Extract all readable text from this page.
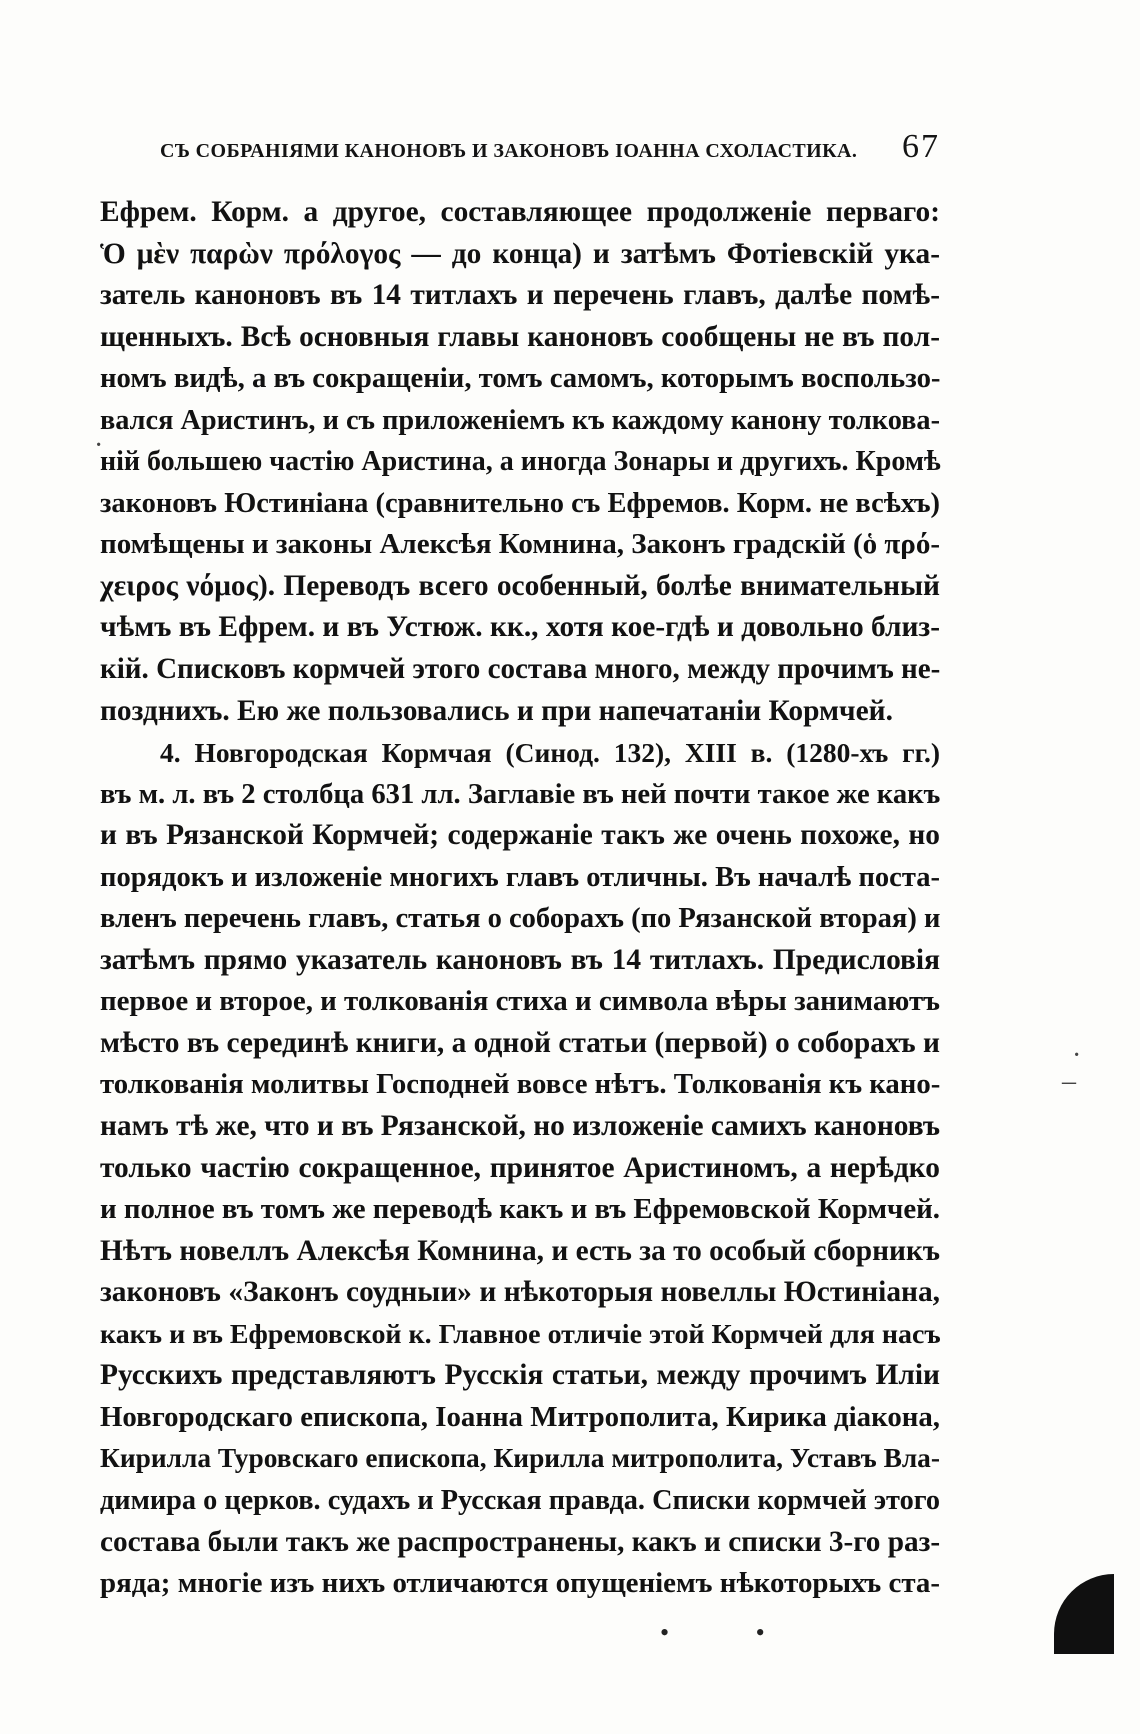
СЪ СОБРАНІЯМИ КАНОНОВЪ И ЗАКОНОВЪ ІОАННА СХОЛАСТИКА. 67
Ефрем. Корм. а другое, составляющее продолженіе перваго:
Ὁ μὲν παρὼν πρόλογος — до конца) и затѣмъ Фотіевскій ука-
затель каноновъ въ 14 титлахъ и перечень главъ, далѣе помѣ-
щенныхъ. Всѣ основныя главы каноновъ сообщены не въ пол-
номъ видѣ, а въ сокращеніи, томъ самомъ, которымъ воспользо-
вался Аристинъ, и съ приложеніемъ къ каждому канону толкова-
ній большею частію Аристина, а иногда Зонары и другихъ. Кромѣ
законовъ Юстиніана (сравнительно съ Ефремов. Корм. не всѣхъ)
помѣщены и законы Алексѣя Комнина, Законъ градскій (ὁ πρό-
χειρος νόμος). Переводъ всего особенный, болѣе внимательный
чѣмъ въ Ефрем. и въ Устюж. кк., хотя кое-гдѣ и довольно близ-
кій. Списковъ кормчей этого состава много, между прочимъ не-
позднихъ. Ею же пользовались и при напечатаніи Кормчей.
4. Новгородская Кормчая (Синод. 132), XIII в. (1280-хъ гг.)
въ м. л. въ 2 столбца 631 лл. Заглавіе въ ней почти такое же какъ
и въ Рязанской Кормчей; содержаніе такъ же очень похоже, но
порядокъ и изложеніе многихъ главъ отличны. Въ началѣ поста-
вленъ перечень главъ, статья о соборахъ (по Рязанской вторая) и
затѣмъ прямо указатель каноновъ въ 14 титлахъ. Предисловія
первое и второе, и толкованія стиха и символа вѣры занимаютъ
мѣсто въ серединѣ книги, а одной статьи (первой) о соборахъ и
толкованія молитвы Господней вовсе нѣтъ. Толкованія къ кано-
намъ тѣ же, что и въ Рязанской, но изложеніе самихъ каноновъ
только частію сокращенное, принятое Аристиномъ, а нерѣдко
и полное въ томъ же переводѣ какъ и въ Ефремовской Кормчей.
Нѣтъ новеллъ Алексѣя Комнина, и есть за то особый сборникъ
законовъ «Законъ соудныи» и нѣкоторыя новеллы Юстиніана,
какъ и въ Ефремовской к. Главное отличіе этой Кормчей для насъ
Русскихъ представляютъ Русскія статьи, между прочимъ Иліи
Новгородскаго епископа, Іоанна Митрополита, Кирика діакона,
Кирилла Туровскаго епископа, Кирилла митрополита, Уставъ Вла-
димира о церков. судахъ и Русская правда. Списки кормчей этого
состава были такъ же распространены, какъ и списки 3-го раз-
ряда; многіе изъ нихъ отличаются опущеніемъ нѣкоторыхъ ста-
·
·
–
• •
